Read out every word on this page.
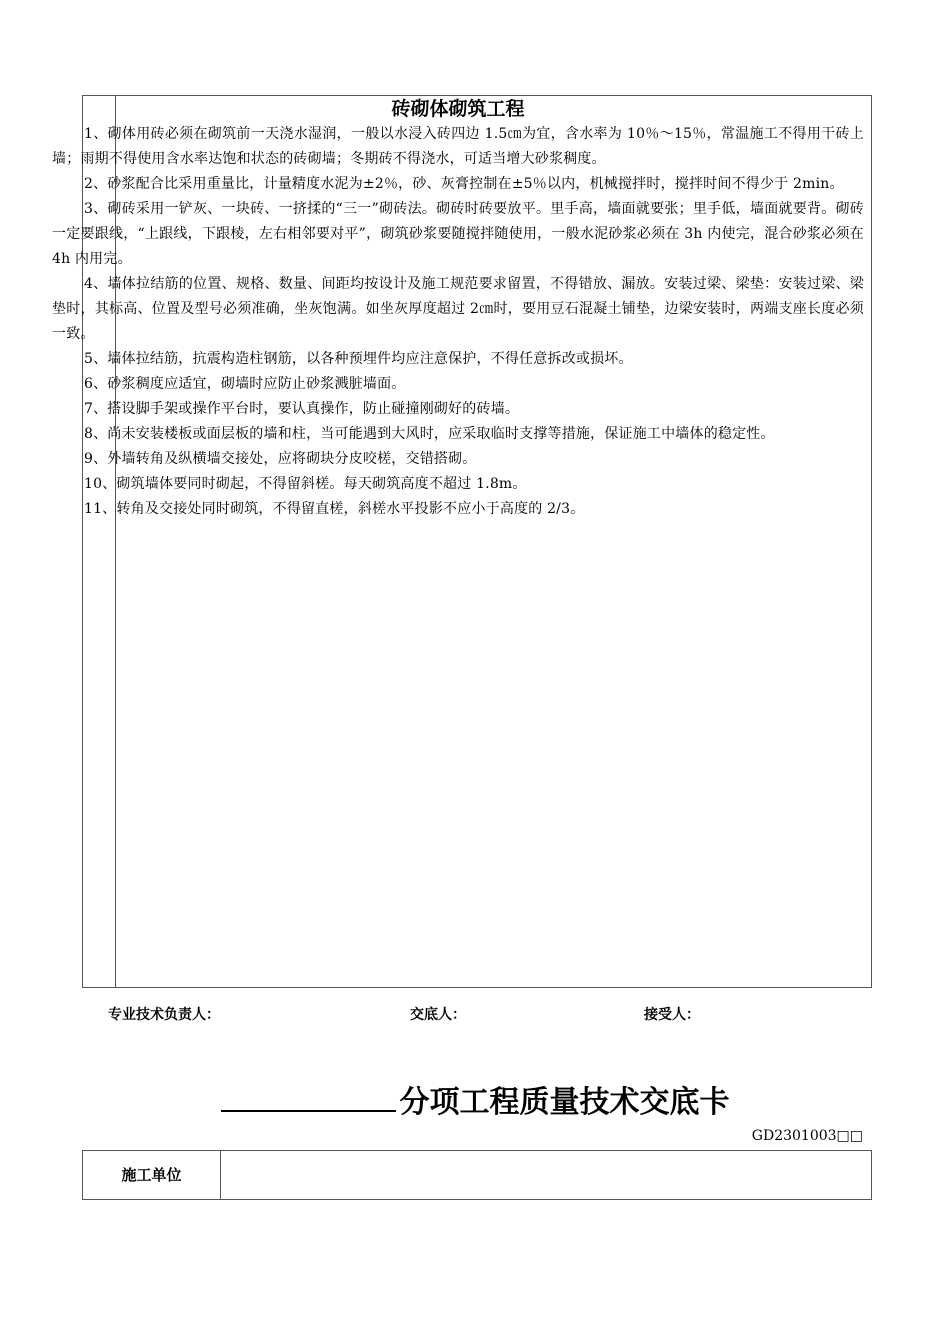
砖砌体砌筑工程

1、砌体用砖必须在砌筑前一天浇水湿润，一般以水浸入砖四边 1.5㎝为宜，含水率为 10％～15％，常温施工不得用干砖上墙；雨期不得使用含水率达饱和状态的砖砌墙；冬期砖不得浇水，可适当增大砂浆稠度。

2、砂浆配合比采用重量比，计量精度水泥为±2％，砂、灰膏控制在±5％以内，机械搅拌时，搅拌时间不得少于 2min。

3、砌砖采用一铲灰、一块砖、一挤揉的“三一”砌砖法。砌砖时砖要放平。里手高，墙面就要张；里手低，墙面就要背。砌砖一定要跟线，“上跟线，下跟棱，左右相邻要对平”，砌筑砂浆要随搅拌随使用，一般水泥砂浆必须在 3h 内使完，混合砂浆必须在 4h 内用完。

4、墙体拉结筋的位置、规格、数量、间距均按设计及施工规范要求留置，不得错放、漏放。安装过梁、梁垫：安装过梁、梁垫时，其标高、位置及型号必须准确，坐灰饱满。如坐灰厚度超过 2㎝时，要用豆石混凝土铺垫，边梁安装时，两端支座长度必须一致。

5、墙体拉结筋，抗震构造柱钢筋，以各种预埋件均应注意保护，不得任意拆改或损坏。

6、砂浆稠度应适宜，砌墙时应防止砂浆溅脏墙面。

7、搭设脚手架或操作平台时，要认真操作，防止碰撞刚砌好的砖墙。

8、尚未安装楼板或面层板的墙和柱，当可能遇到大风时，应采取临时支撑等措施，保证施工中墙体的稳定性。

9、外墙转角及纵横墙交接处，应将砌块分皮咬槎，交错搭砌。

10、砌筑墙体要同时砌起，不得留斜槎。每天砌筑高度不超过 1.8m。

11、转角及交接处同时砌筑，不得留直槎，斜槎水平投影不应小于高度的 2/3。

专业技术负责人：	交底人：	接受人：
分项工程质量技术交底卡
GD2301003□□
施工单位
